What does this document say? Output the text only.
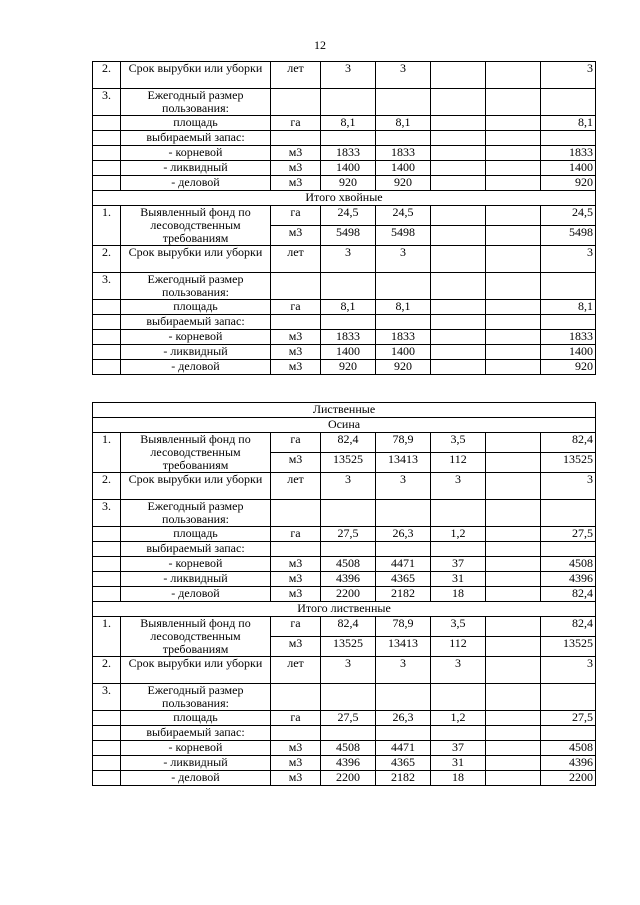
12
2.	Срок вырубки или уборки	лет	3	3			3
3.	Ежегодный размер пользования:						
	площадь	га	8,1	8,1			8,1
	выбираемый запас:						
	- корневой	м3	1833	1833			1833
	- ликвидный	м3	1400	1400			1400
	- деловой	м3	920	920			920
Итого хвойные							
1.	Выявленный фонд по лесоводственным требованиям	га	24,5	24,5			24,5
		м3	5498	5498			5498
2.	Срок вырубки или уборки	лет	3	3			3
3.	Ежегодный размер пользования:						
	площадь	га	8,1	8,1			8,1
	выбираемый запас:						
	- корневой	м3	1833	1833			1833
	- ликвидный	м3	1400	1400			1400
	- деловой	м3	920	920			920
Лиственные							
Осина							
1.	Выявленный фонд по лесоводственным требованиям	га	82,4	78,9	3,5		82,4
		м3	13525	13413	112		13525
2.	Срок вырубки или уборки	лет	3	3	3		3
3.	Ежегодный размер пользования:						
	площадь	га	27,5	26,3	1,2		27,5
	выбираемый запас:						
	- корневой	м3	4508	4471	37		4508
	- ликвидный	м3	4396	4365	31		4396
	- деловой	м3	2200	2182	18		82,4
Итого лиственные							
1.	Выявленный фонд по лесоводственным требованиям	га	82,4	78,9	3,5		82,4
		м3	13525	13413	112		13525
2.	Срок вырубки или уборки	лет	3	3	3		3
3.	Ежегодный размер пользования:						
	площадь	га	27,5	26,3	1,2		27,5
	выбираемый запас:						
	- корневой	м3	4508	4471	37		4508
	- ликвидный	м3	4396	4365	31		4396
	- деловой	м3	2200	2182	18		2200
